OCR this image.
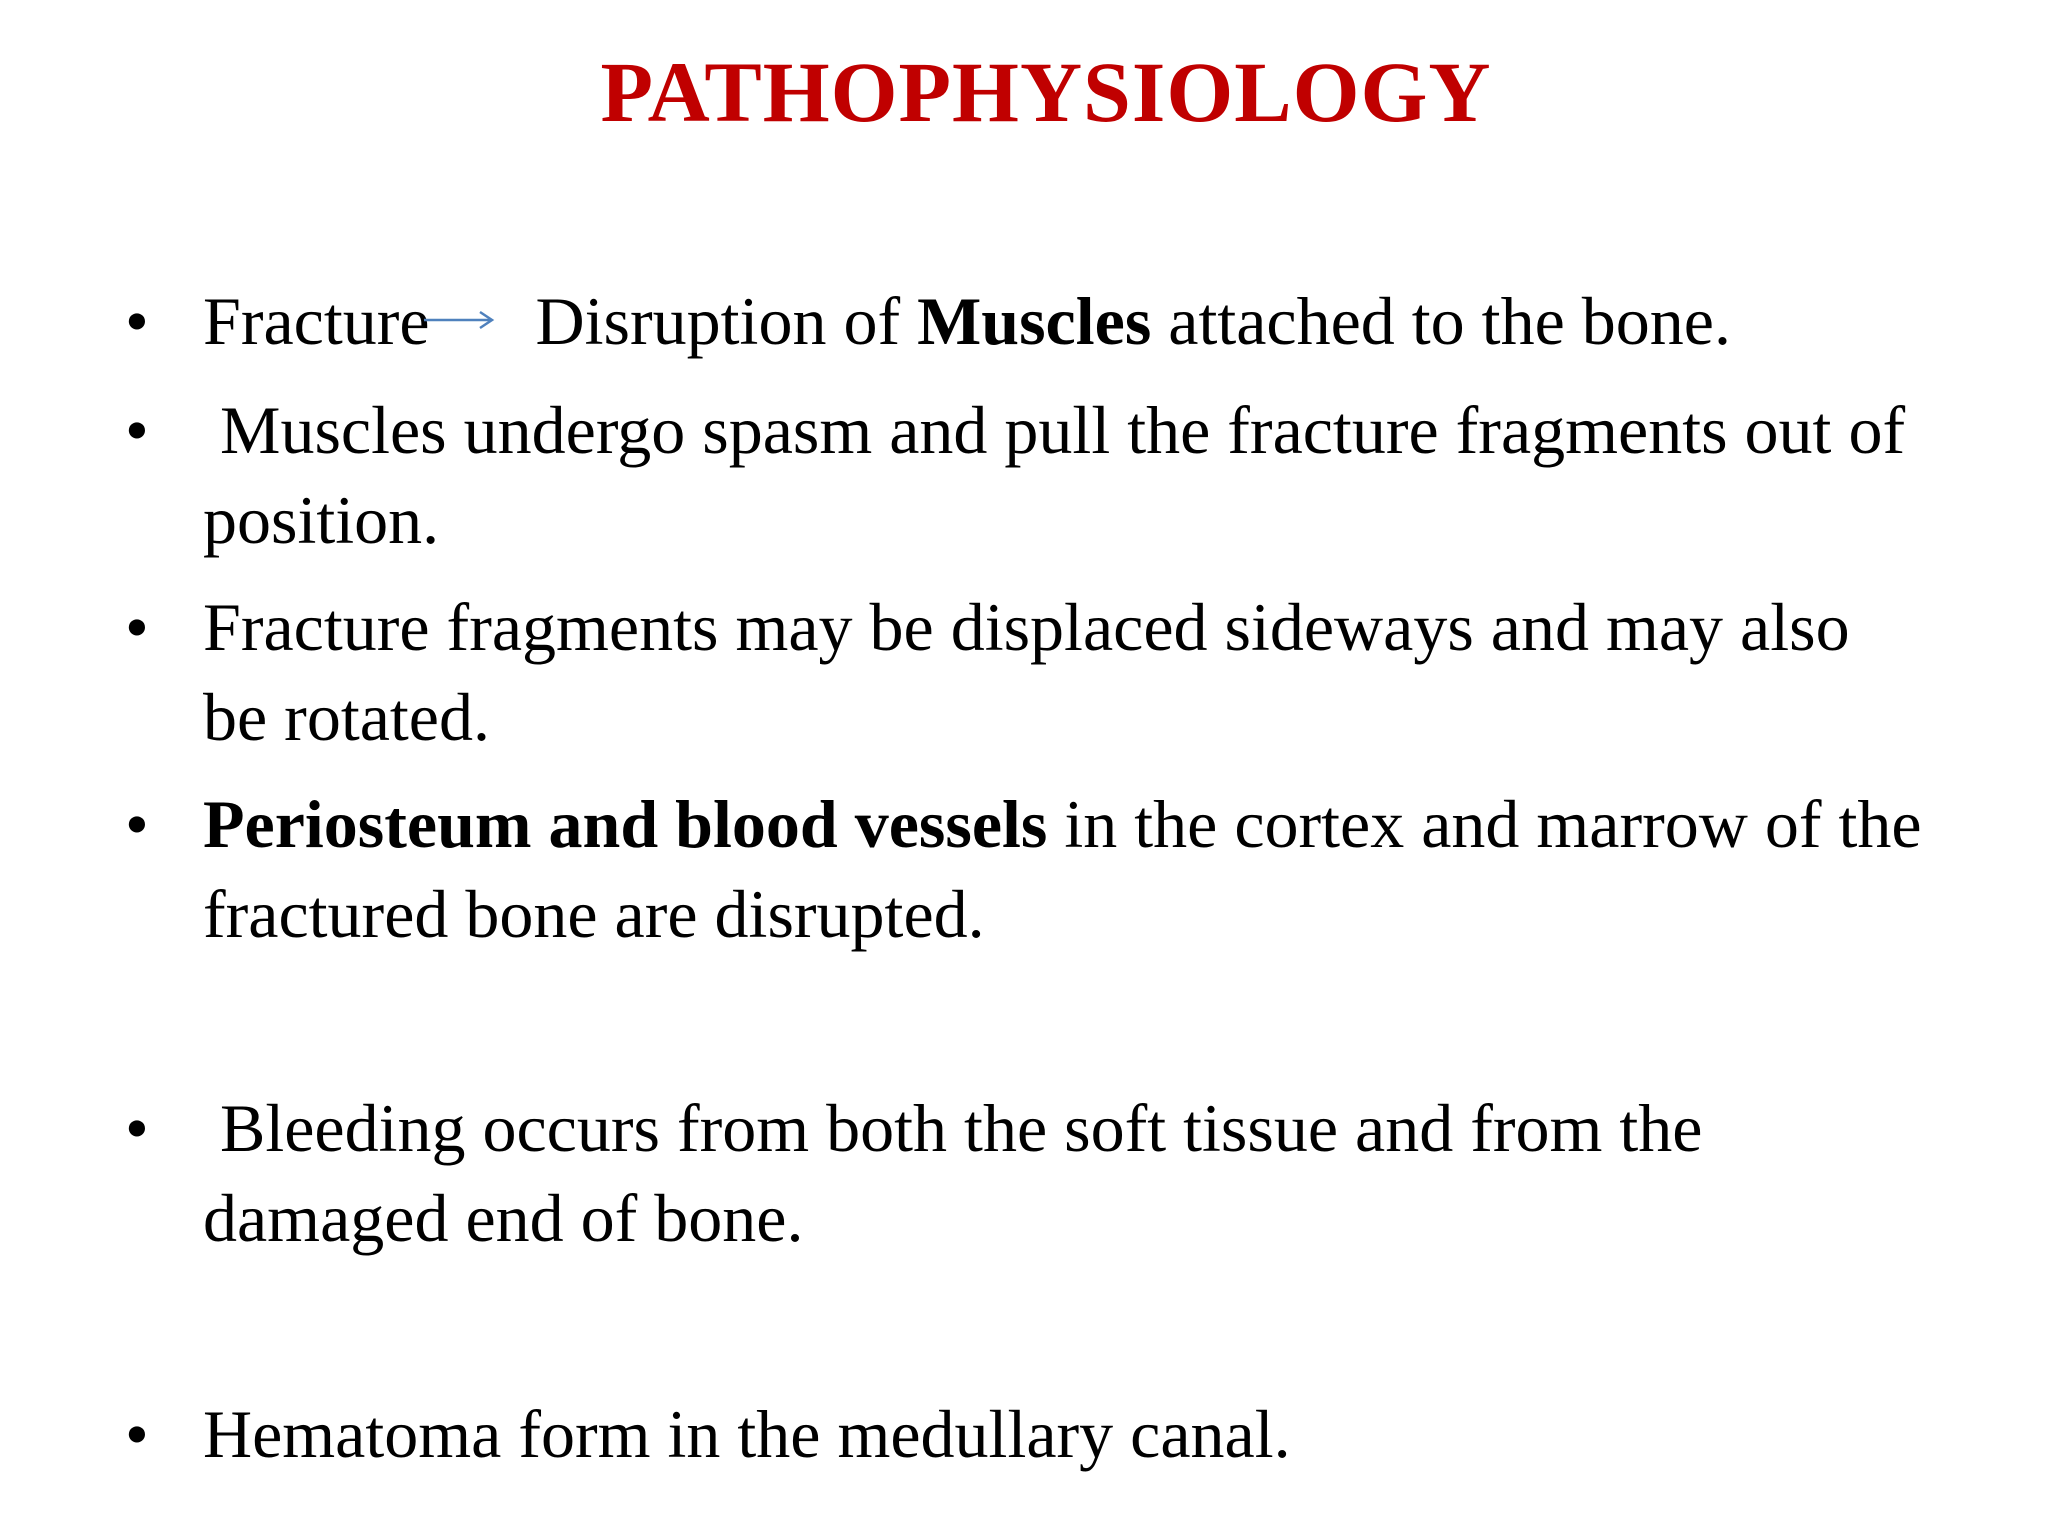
PATHOPHYSIOLOGY
• Fracture Disruption of Muscles attached to the bone.
• Muscles undergo spasm and pull the fracture fragments out of position.
• Fracture fragments may be displaced sideways and may also be rotated.
• Periosteum and blood vessels in the cortex and marrow of the fractured bone are disrupted.
• Bleeding occurs from both the soft tissue and from the damaged end of bone.
• Hematoma form in the medullary canal.
